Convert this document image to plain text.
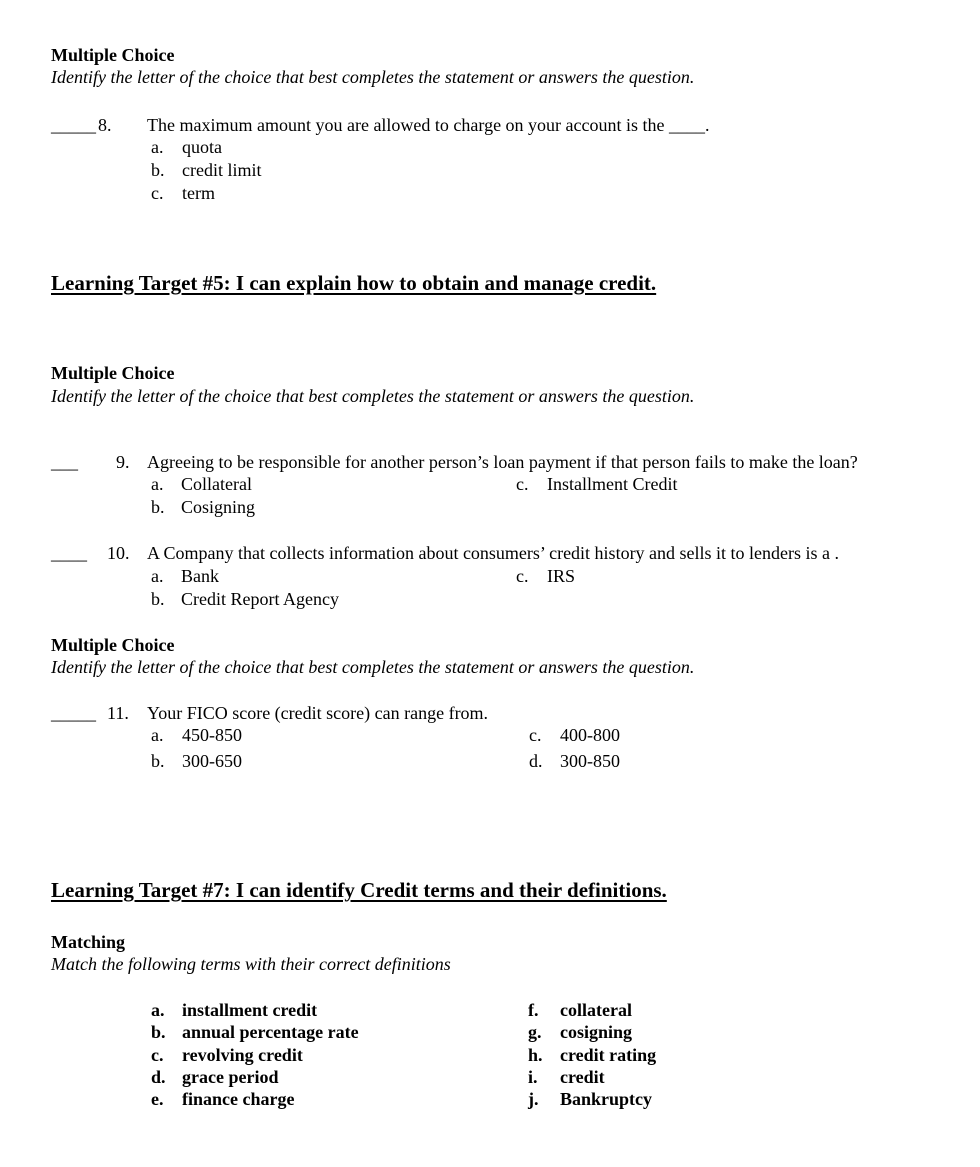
Multiple Choice
Identify the letter of the choice that best completes the statement or answers the question.
_____ 8. The maximum amount you are allowed to charge on your account is the ____.
a. quota
b. credit limit
c. term
Learning Target #5: I can explain how to obtain and manage credit.
Multiple Choice
Identify the letter of the choice that best completes the statement or answers the question.
___ 9. Agreeing to be responsible for another person’s loan payment if that person fails to make the loan?
a. Collateral
b. Cosigning
c. Installment Credit
____ 10. A Company that collects information about consumers’ credit history and sells it to lenders is a .
a. Bank
b. Credit Report Agency
c. IRS
Multiple Choice
Identify the letter of the choice that best completes the statement or answers the question.
_____ 11. Your FICO score (credit score) can range from.
a. 450-850
b. 300-650
c. 400-800
d. 300-850
Learning Target #7: I can identify Credit terms and their definitions.
Matching
Match the following terms with their correct definitions
a. installment credit
b. annual percentage rate
c. revolving credit
d. grace period
e. finance charge
f. collateral
g. cosigning
h. credit rating
i. credit
j. Bankruptcy
